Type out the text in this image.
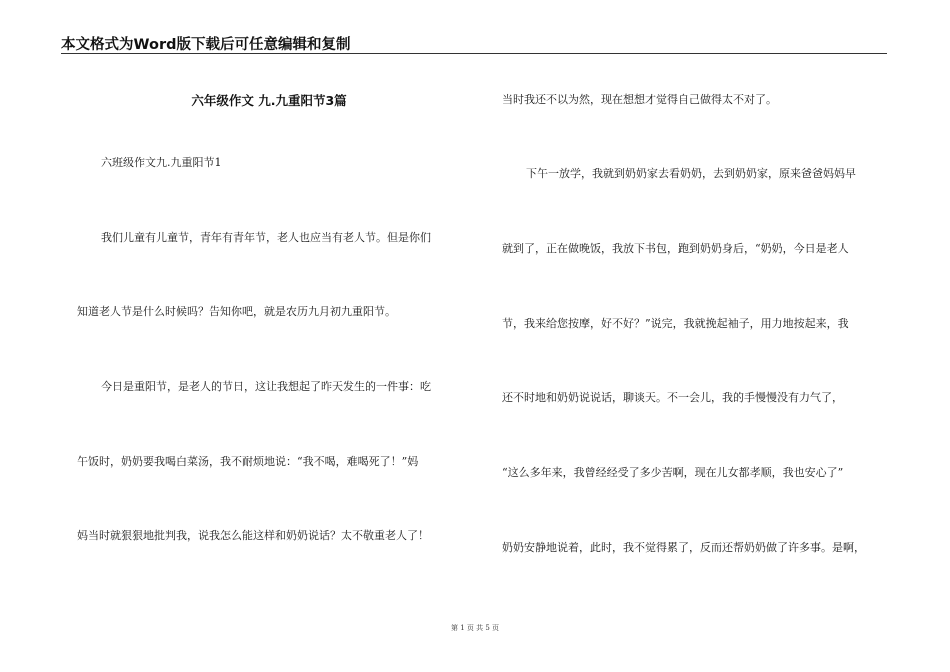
本文格式为Word版下载后可任意编辑和复制
六年级作文 九.九重阳节3篇
六班级作文九.九重阳节1
我们儿童有儿童节，青年有青年节，老人也应当有老人节。但是你们
知道老人节是什么时候吗？告知你吧，就是农历九月初九重阳节。
今日是重阳节，是老人的节日，这让我想起了昨天发生的一件事：吃
午饭时，奶奶要我喝白菜汤，我不耐烦地说：“我不喝，难喝死了！”妈
妈当时就狠狠地批判我，说我怎么能这样和奶奶说话？太不敬重老人了！
当时我还不以为然，现在想想才觉得自己做得太不对了。
下午一放学，我就到奶奶家去看奶奶，去到奶奶家，原来爸爸妈妈早
就到了，正在做晚饭，我放下书包，跑到奶奶身后，“奶奶，今日是老人
节，我来给您按摩，好不好？”说完，我就挽起袖子，用力地按起来，我
还不时地和奶奶说说话，聊谈天。不一会儿，我的手慢慢没有力气了，
“这么多年来，我曾经经受了多少苦啊，现在儿女都孝顺，我也安心了”
奶奶安静地说着，此时，我不觉得累了，反而还帮奶奶做了许多事。是啊，
第 1 页 共 5 页
